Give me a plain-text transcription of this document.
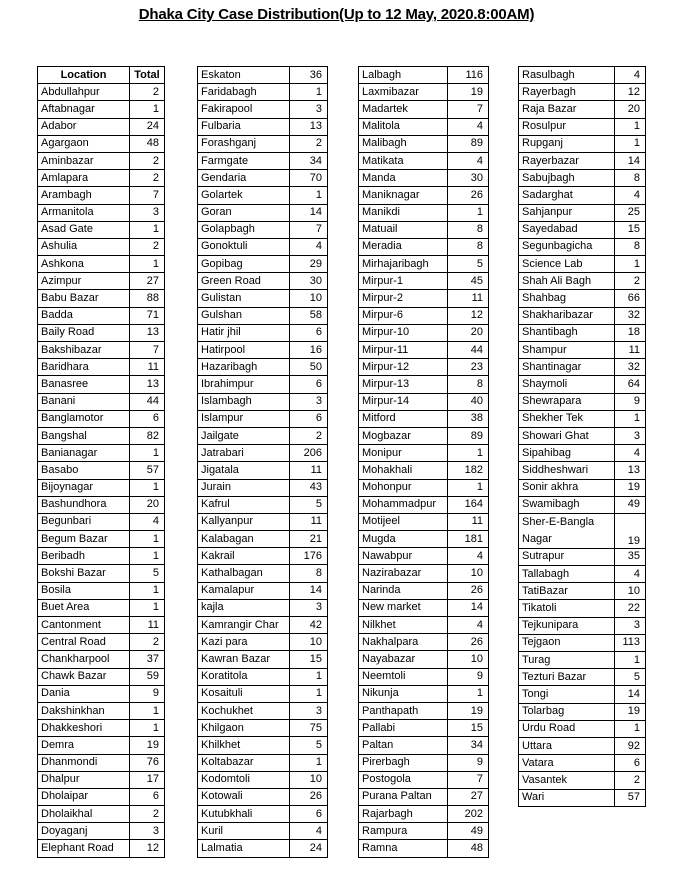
Dhaka City Case Distribution(Up to 12 May, 2020.8:00AM)
Location	Total
Abdullahpur	2
Aftabnagar	1
Adabor	24
Agargaon	48
Aminbazar	2
Amlapara	2
Arambagh	7
Armanitola	3
Asad Gate	1
Ashulia	2
Ashkona	1
Azimpur	27
Babu Bazar	88
Badda	71
Baily Road	13
Bakshibazar	7
Baridhara	11
Banasree	13
Banani	44
Banglamotor	6
Bangshal	82
Banianagar	1
Basabo	57
Bijoynagar	1
Bashundhora	20
Begunbari	4
Begum Bazar	1
Beribadh	1
Bokshi Bazar	5
Bosila	1
Buet Area	1
Cantonment	11
Central Road	2
Chankharpool	37
Chawk Bazar	59
Dania	9
Dakshinkhan	1
Dhakkeshori	1
Demra	19
Dhanmondi	76
Dhalpur	17
Dholaipar	6
Dholaikhal	2
Doyaganj	3
Elephant Road	12
Eskaton	36
Faridabagh	1
Fakirapool	3
Fulbaria	13
Forashganj	2
Farmgate	34
Gendaria	70
Golartek	1
Goran	14
Golapbagh	7
Gonoktuli	4
Gopibag	29
Green Road	30
Gulistan	10
Gulshan	58
Hatir jhil	6
Hatirpool	16
Hazaribagh	50
Ibrahimpur	6
Islambagh	3
Islampur	6
Jailgate	2
Jatrabari	206
Jigatala	11
Jurain	43
Kafrul	5
Kallyanpur	11
Kalabagan	21
Kakrail	176
Kathalbagan	8
Kamalapur	14
kajla	3
Kamrangir Char	42
Kazi para	10
Kawran Bazar	15
Koratitola	1
Kosaituli	1
Kochukhet	3
Khilgaon	75
Khilkhet	5
Koltabazar	1
Kodomtoli	10
Kotowali	26
Kutubkhali	6
Kuril	4
Lalmatia	24
Lalbagh	116
Laxmibazar	19
Madartek	7
Malitola	4
Malibagh	89
Matikata	4
Manda	30
Maniknagar	26
Manikdi	1
Matuail	8
Meradia	8
Mirhajaribagh	5
Mirpur-1	45
Mirpur-2	11
Mirpur-6	12
Mirpur-10	20
Mirpur-11	44
Mirpur-12	23
Mirpur-13	8
Mirpur-14	40
Mitford	38
Mogbazar	89
Monipur	1
Mohakhali	182
Mohonpur	1
Mohammadpur	164
Motijeel	11
Mugda	181
Nawabpur	4
Nazirabazar	10
Narinda	26
New market	14
Nilkhet	4
Nakhalpara	26
Nayabazar	10
Neemtoli	9
Nikunja	1
Panthapath	19
Pallabi	15
Paltan	34
Pirerbagh	9
Postogola	7
Purana Paltan	27
Rajarbagh	202
Rampura	49
Ramna	48
Rasulbagh	4
Rayerbagh	12
Raja Bazar	20
Rosulpur	1
Rupganj	1
Rayerbazar	14
Sabujbagh	8
Sadarghat	4
Sahjanpur	25
Sayedabad	15
Segunbagicha	8
Science Lab	1
Shah Ali Bagh	2
Shahbag	66
Shakharibazar	32
Shantibagh	18
Shampur	11
Shantinagar	32
Shaymoli	64
Shewrapara	9
Shekher Tek	1
Showari Ghat	3
Sipahibag	4
Siddheshwari	13
Sonir akhra	19
Swamibagh	49
Sher-E-Bangla Nagar	19
Sutrapur	35
Tallabagh	4
TatiBazar	10
Tikatoli	22
Tejkunipara	3
Tejgaon	113
Turag	1
Tezturi Bazar	5
Tongi	14
Tolarbag	19
Urdu Road	1
Uttara	92
Vatara	6
Vasantek	2
Wari	57
